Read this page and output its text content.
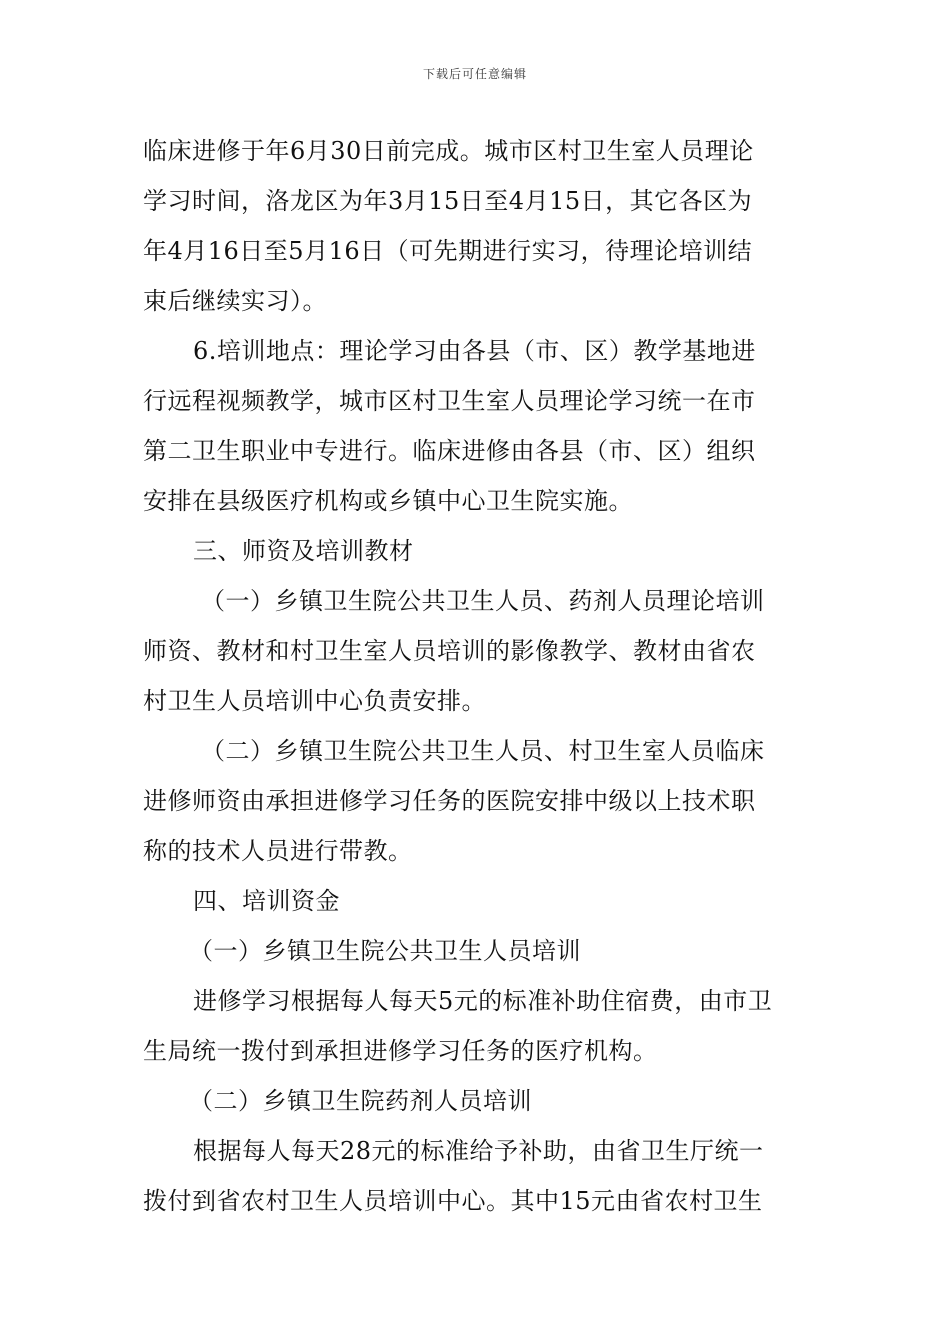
下载后可任意编辑
临床进修于年6月30日前完成。城市区村卫生室人员理论
学习时间，洛龙区为年3月15日至4月15日，其它各区为
年4月16日至5月16日（可先期进行实习，待理论培训结
束后继续实习）。
6.培训地点：理论学习由各县（市、区）教学基地进
行远程视频教学，城市区村卫生室人员理论学习统一在市
第二卫生职业中专进行。临床进修由各县（市、区）组织
安排在县级医疗机构或乡镇中心卫生院实施。
三、师资及培训教材
（一）乡镇卫生院公共卫生人员、药剂人员理论培训
师资、教材和村卫生室人员培训的影像教学、教材由省农
村卫生人员培训中心负责安排。
（二）乡镇卫生院公共卫生人员、村卫生室人员临床
进修师资由承担进修学习任务的医院安排中级以上技术职
称的技术人员进行带教。
四、培训资金
（一）乡镇卫生院公共卫生人员培训
进修学习根据每人每天5元的标准补助住宿费，由市卫
生局统一拨付到承担进修学习任务的医疗机构。
（二）乡镇卫生院药剂人员培训
根据每人每天28元的标准给予补助，由省卫生厅统一
拨付到省农村卫生人员培训中心。其中15元由省农村卫生
